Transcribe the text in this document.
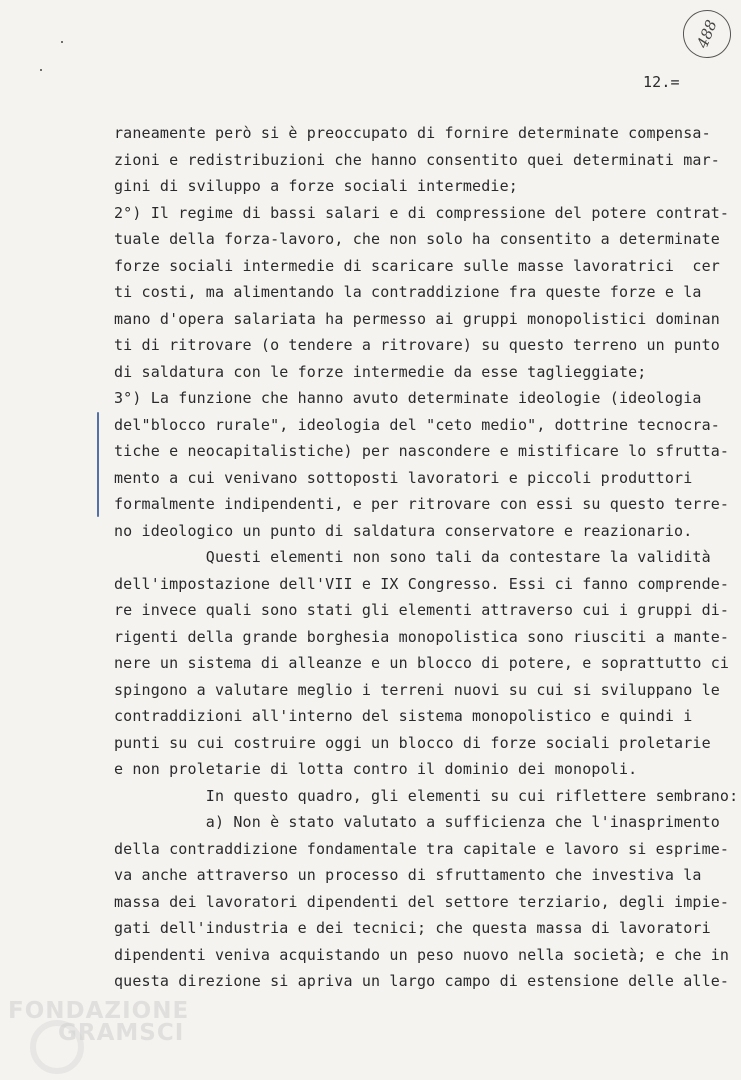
488
12.=
raneamente però si è preoccupato di fornire determinate compensa-
zioni e redistribuzioni che hanno consentito quei determinati mar-
gini di sviluppo a forze sociali intermedie;
2°) Il regime di bassi salari e di compressione del potere contrat-
tuale della forza-lavoro, che non solo ha consentito a determinate
forze sociali intermedie di scaricare sulle masse lavoratrici  cer
ti costi, ma alimentando la contraddizione fra queste forze e la
mano d'opera salariata ha permesso ai gruppi monopolistici dominan
ti di ritrovare (o tendere a ritrovare) su questo terreno un punto
di saldatura con le forze intermedie da esse taglieggiate;
3°) La funzione che hanno avuto determinate ideologie (ideologia
del"blocco rurale", ideologia del "ceto medio", dottrine tecnocra-
tiche e neocapitalistiche) per nascondere e mistificare lo sfrutta-
mento a cui venivano sottoposti lavoratori e piccoli produttori
formalmente indipendenti, e per ritrovare con essi su questo terre-
no ideologico un punto di saldatura conservatore e reazionario.
Questi elementi non sono tali da contestare la validità
dell'impostazione dell'VII e IX Congresso. Essi ci fanno comprende-
re invece quali sono stati gli elementi attraverso cui i gruppi di-
rigenti della grande borghesia monopolistica sono riusciti a mante-
nere un sistema di alleanze e un blocco di potere, e soprattutto ci
spingono a valutare meglio i terreni nuovi su cui si sviluppano le
contraddizioni all'interno del sistema monopolistico e quindi i
punti su cui costruire oggi un blocco di forze sociali proletarie
e non proletarie di lotta contro il dominio dei monopoli.
In questo quadro, gli elementi su cui riflettere sembrano:
a) Non è stato valutato a sufficienza che l'inasprimento
della contraddizione fondamentale tra capitale e lavoro si esprime-
va anche attraverso un processo di sfruttamento che investiva la
massa dei lavoratori dipendenti del settore terziario, degli impie-
gati dell'industria e dei tecnici; che questa massa di lavoratori
dipendenti veniva acquistando un peso nuovo nella società; e che in
questa direzione si apriva un largo campo di estensione delle alle-
FONDAZIONE
GRAMSCI
